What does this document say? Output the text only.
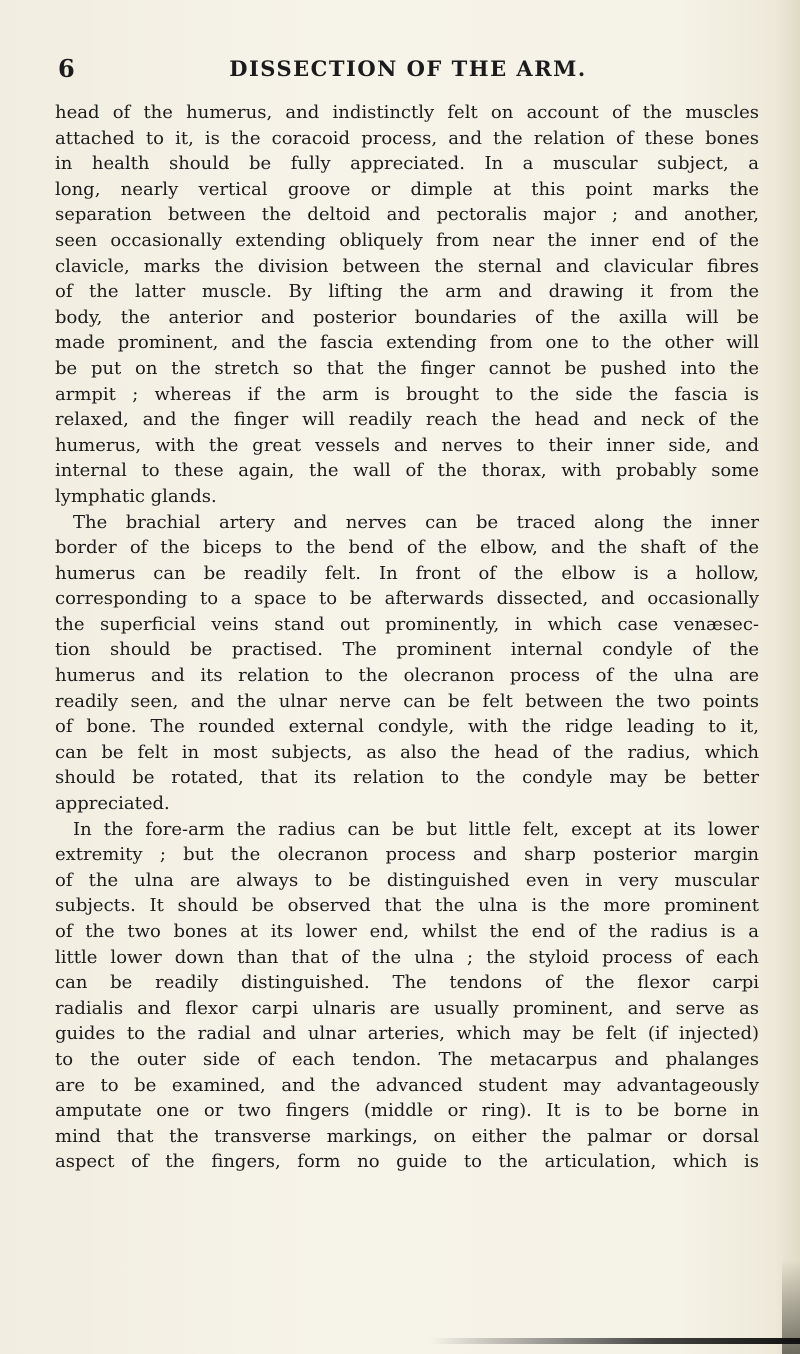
6	DISSECTION OF THE ARM.
head of the humerus, and indistinctly felt on account of the muscles
attached to it, is the coracoid process, and the relation of these bones
in health should be fully appreciated. In a muscular subject, a
long, nearly vertical groove or dimple at this point marks the
separation between the deltoid and pectoralis major ; and another,
seen occasionally extending obliquely from near the inner end of the
clavicle, marks the division between the sternal and clavicular fibres
of the latter muscle. By lifting the arm and drawing it from the
body, the anterior and posterior boundaries of the axilla will be
made prominent, and the fascia extending from one to the other will
be put on the stretch so that the finger cannot be pushed into the
armpit ; whereas if the arm is brought to the side the fascia is
relaxed, and the finger will readily reach the head and neck of the
humerus, with the great vessels and nerves to their inner side, and
internal to these again, the wall of the thorax, with probably some
lymphatic glands.
The brachial artery and nerves can be traced along the inner
border of the biceps to the bend of the elbow, and the shaft of the
humerus can be readily felt. In front of the elbow is a hollow,
corresponding to a space to be afterwards dissected, and occasionally
the superficial veins stand out prominently, in which case venæsec-
tion should be practised. The prominent internal condyle of the
humerus and its relation to the olecranon process of the ulna are
readily seen, and the ulnar nerve can be felt between the two points
of bone. The rounded external condyle, with the ridge leading to it,
can be felt in most subjects, as also the head of the radius, which
should be rotated, that its relation to the condyle may be better
appreciated.
In the fore-arm the radius can be but little felt, except at its lower
extremity ; but the olecranon process and sharp posterior margin
of the ulna are always to be distinguished even in very muscular
subjects. It should be observed that the ulna is the more prominent
of the two bones at its lower end, whilst the end of the radius is a
little lower down than that of the ulna ; the styloid process of each
can be readily distinguished. The tendons of the flexor carpi
radialis and flexor carpi ulnaris are usually prominent, and serve as
guides to the radial and ulnar arteries, which may be felt (if injected)
to the outer side of each tendon. The metacarpus and phalanges
are to be examined, and the advanced student may advantageously
amputate one or two fingers (middle or ring). It is to be borne in
mind that the transverse markings, on either the palmar or dorsal
aspect of the fingers, form no guide to the articulation, which is
